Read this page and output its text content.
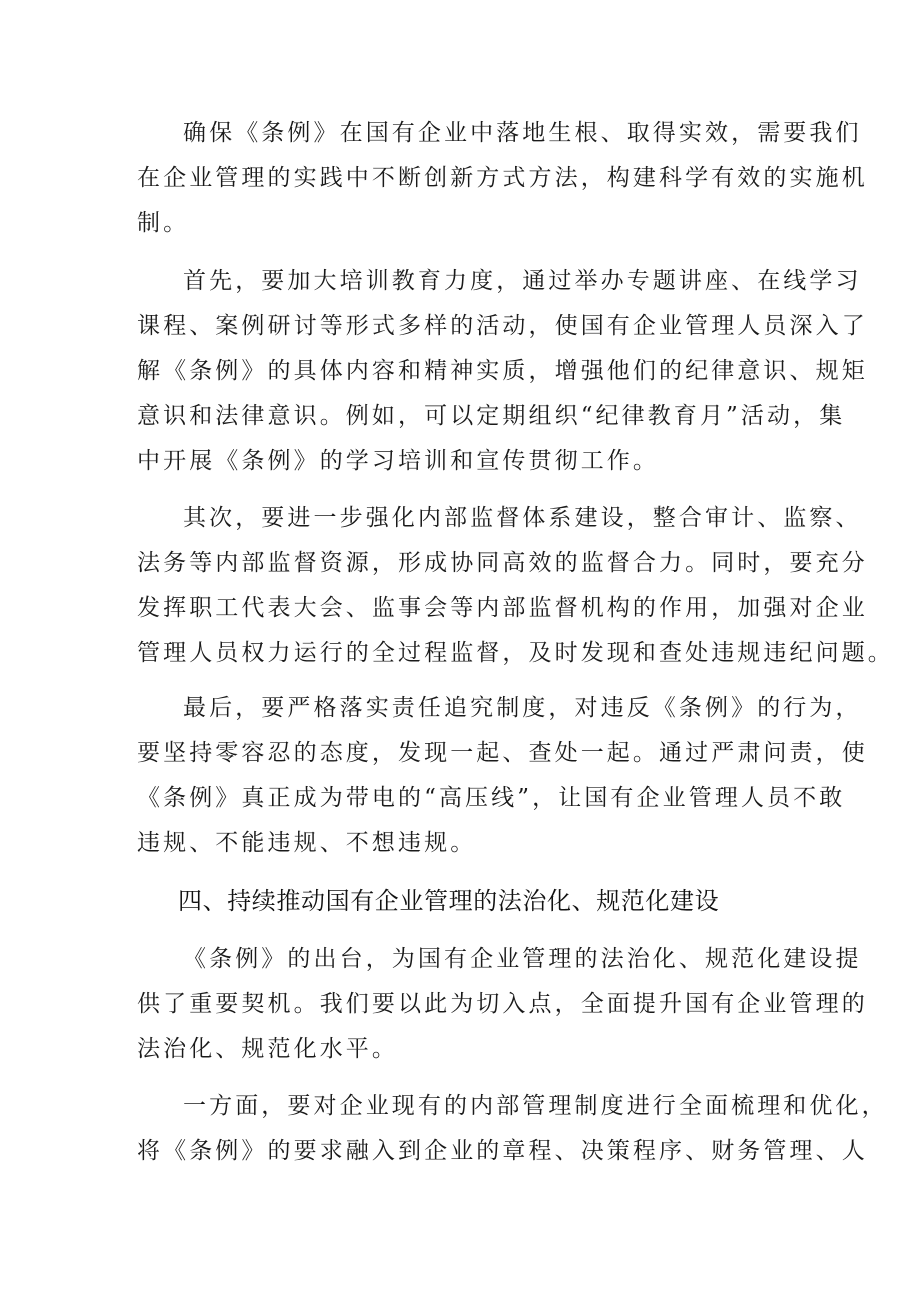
确保《条例》在国有企业中落地生根、取得实效，需要我们
在企业管理的实践中不断创新方式方法，构建科学有效的实施机
制。
首先，要加大培训教育力度，通过举办专题讲座、在线学习
课程、案例研讨等形式多样的活动，使国有企业管理人员深入了
解《条例》的具体内容和精神实质，增强他们的纪律意识、规矩
意识和法律意识。例如，可以定期组织“纪律教育月”活动，集
中开展《条例》的学习培训和宣传贯彻工作。
其次，要进一步强化内部监督体系建设，整合审计、监察、
法务等内部监督资源，形成协同高效的监督合力。同时，要充分
发挥职工代表大会、监事会等内部监督机构的作用，加强对企业
管理人员权力运行的全过程监督，及时发现和查处违规违纪问题。
最后，要严格落实责任追究制度，对违反《条例》的行为，
要坚持零容忍的态度，发现一起、查处一起。通过严肃问责，使
《条例》真正成为带电的“高压线”，让国有企业管理人员不敢
违规、不能违规、不想违规。
四、持续推动国有企业管理的法治化、规范化建设
《条例》的出台，为国有企业管理的法治化、规范化建设提
供了重要契机。我们要以此为切入点，全面提升国有企业管理的
法治化、规范化水平。
一方面，要对企业现有的内部管理制度进行全面梳理和优化，
将《条例》的要求融入到企业的章程、决策程序、财务管理、人
